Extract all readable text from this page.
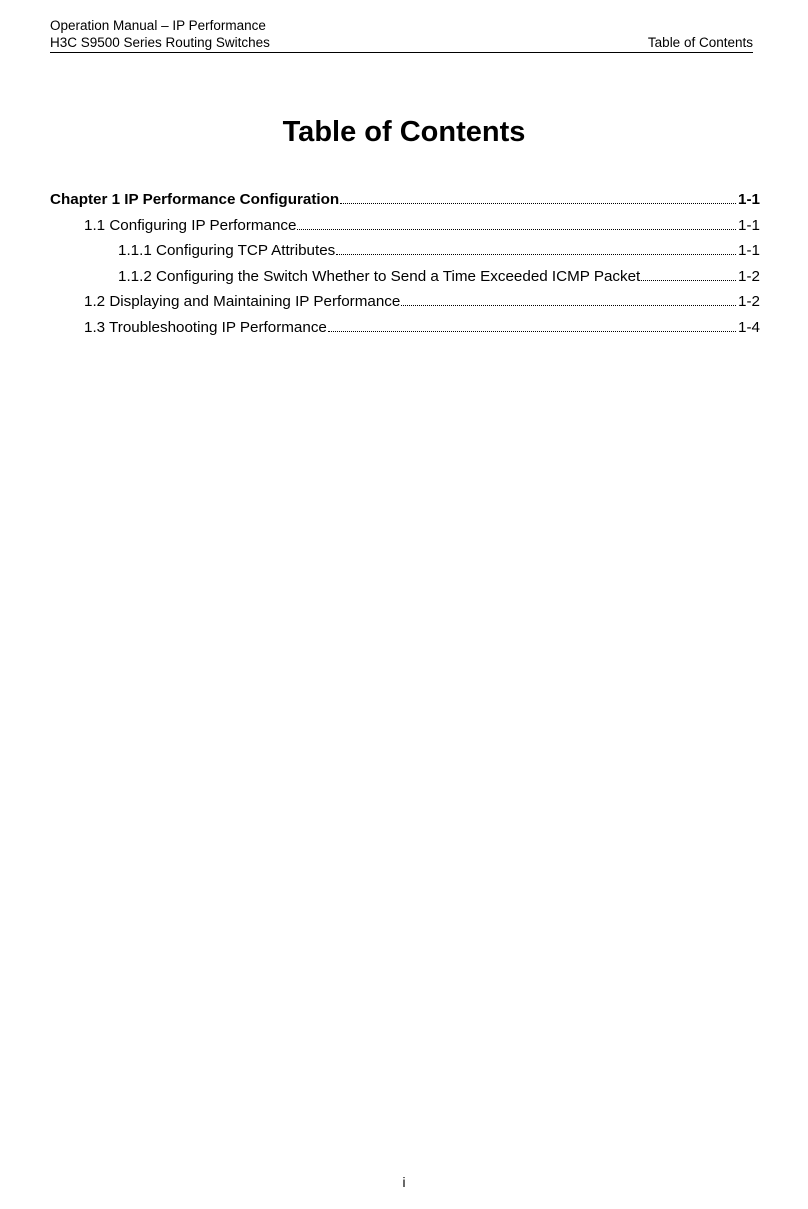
Operation Manual – IP Performance
H3C S9500 Series Routing Switches	Table of Contents
Table of Contents
Chapter 1 IP Performance Configuration	1-1
1.1 Configuring IP Performance	1-1
1.1.1 Configuring TCP Attributes	1-1
1.1.2 Configuring the Switch Whether to Send a Time Exceeded ICMP Packet	1-2
1.2 Displaying and Maintaining IP Performance	1-2
1.3 Troubleshooting IP Performance	1-4
i
